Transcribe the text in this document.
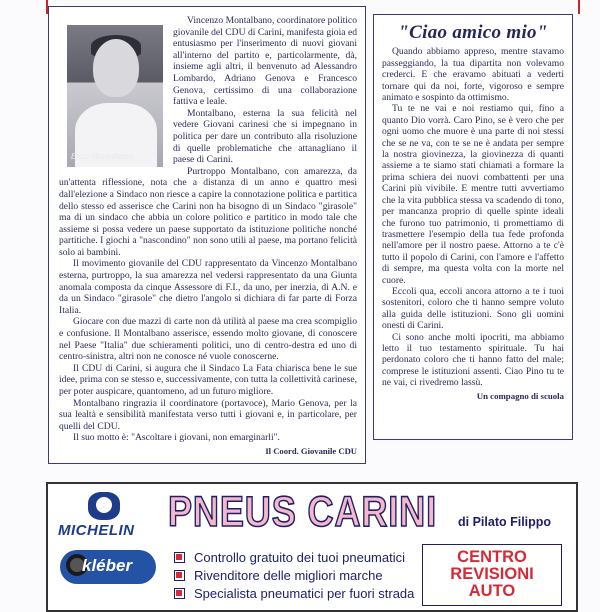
Enzo Montalbano

Vincenzo Montalbano, coordinatore politico giovanile del CDU di Carini, manifesta gioia ed entusiasmo per l'inserimento di nuovi giovani all'interno del partito e, particolarmente, dà, insieme agli altri, il benvenuto ad Alessandro Lombardo, Adriano Genova e Francesco Genova, certissimo di una collaborazione fattiva e leale.

Montalbano, esterna la sua felicità nel vedere Giovani carinesi che si impegnano in politica per dare un contributo alla risoluzione di quelle problematiche che attanagliano il paese di Carini.

Purtroppo Montalbano, con amarezza, da un'attenta riflessione, nota che a distanza di un anno e quattro mesi dall'elezione a Sindaco non riesce a capire la connotazione politica e partitica dello stesso ed asserisce che Carini non ha bisogno di un Sindaco "girasole" ma di un sindaco che abbia un colore politico e partitico in modo tale che assieme si possa vedere un paese supportato da istituzione politiche nonché partitiche. I giochi a "nascondino" non sono utili al paese, ma portano felicità solo ai bambini.

Il movimento giovanile del CDU rappresentato da Vincenzo Montalbano esterna, purtroppo, la sua amarezza nel vedersi rappresentato da una Giunta anomala composta da cinque Assessore di F.I., da uno, per inerzia, di A.N. e da un Sindaco "girasole" che dietro l'angolo si dichiara di far parte di Forza Italia.

Giocare con due mazzi di carte non dà utilità al paese ma crea scompiglio e confusione. Il Montalbano asserisce, essendo molto giovane, di conoscere nel Paese "Italia" due schieramenti politici, uno di centro-destra ed uno di centro-sinistra, altri non ne conosce né vuole conoscerne.

Il CDU di Carini, si augura che il Sindaco La Fata chiarisca bene le sue idee, prima con se stesso e, successivamente, con tutta la collettività carinese, per poter auspicare, quantomeno, ad un futuro migliore.

Montalbano ringrazia il coordinatore (portavoce), Mario Genova, per la sua lealtà e sensibilità manifestata verso tutti i giovani e, in particolare, per quelli del CDU.

Il suo motto è: "Ascoltare i giovani, non emarginarli".

Il Coord. Giovanile CDU
"Ciao amico mio"

Quando abbiamo appreso, mentre stavamo passeggiando, la tua dipartita non volevamo crederci. E che eravamo abituati a vederti tornare qui da noi, forte, vigoroso e sempre animato e sospinto da ottimismo.

Tu te ne vai e noi restiamo qui, fino a quanto Dio vorrà. Caro Pino, se è vero che per ogni uomo che muore è una parte di noi stessi che se ne va, con te se ne è andata per sempre la nostra giovinezza, la giovinezza di quanti assieme a te siamo stati chiamati a formare la prima schiera dei nuovi combattenti per una Carini più vivibile. E mentre tutti avvertiamo che la vita pubblica stessa va scadendo di tono, per mancanza proprio di quelle spinte ideali che furono tuo patrimonio, ti promettiamo di trasmettere l'esempio della tua fede profonda nell'amore per il nostro paese. Attorno a te c'è tutto il popolo di Carini, con l'amore e l'affetto di sempre, ma questa volta con la morte nel cuore.

Eccoli qua, eccoli ancora attorno a te i tuoi sostenitori, coloro che ti hanno sempre voluto alla guida delle istituzioni. Sono gli uomini onesti di Carini.

Ci sono anche molti ipocriti, ma abbiamo letto il tuo testamento spirituale. Tu hai perdonato coloro che ti hanno fatto del male; comprese le istituzioni assenti. Ciao Pino tu te ne vai, ci rivedremo lassù.

Un compagno di scuola
MICHELIN
kléber
PNEUS CARINI di Pilato Filippo
Controllo gratuito dei tuoi pneumatici
Rivenditore delle migliori marche
Specialista pneumatici per fuori strada
CENTRO
REVISIONI
AUTO
